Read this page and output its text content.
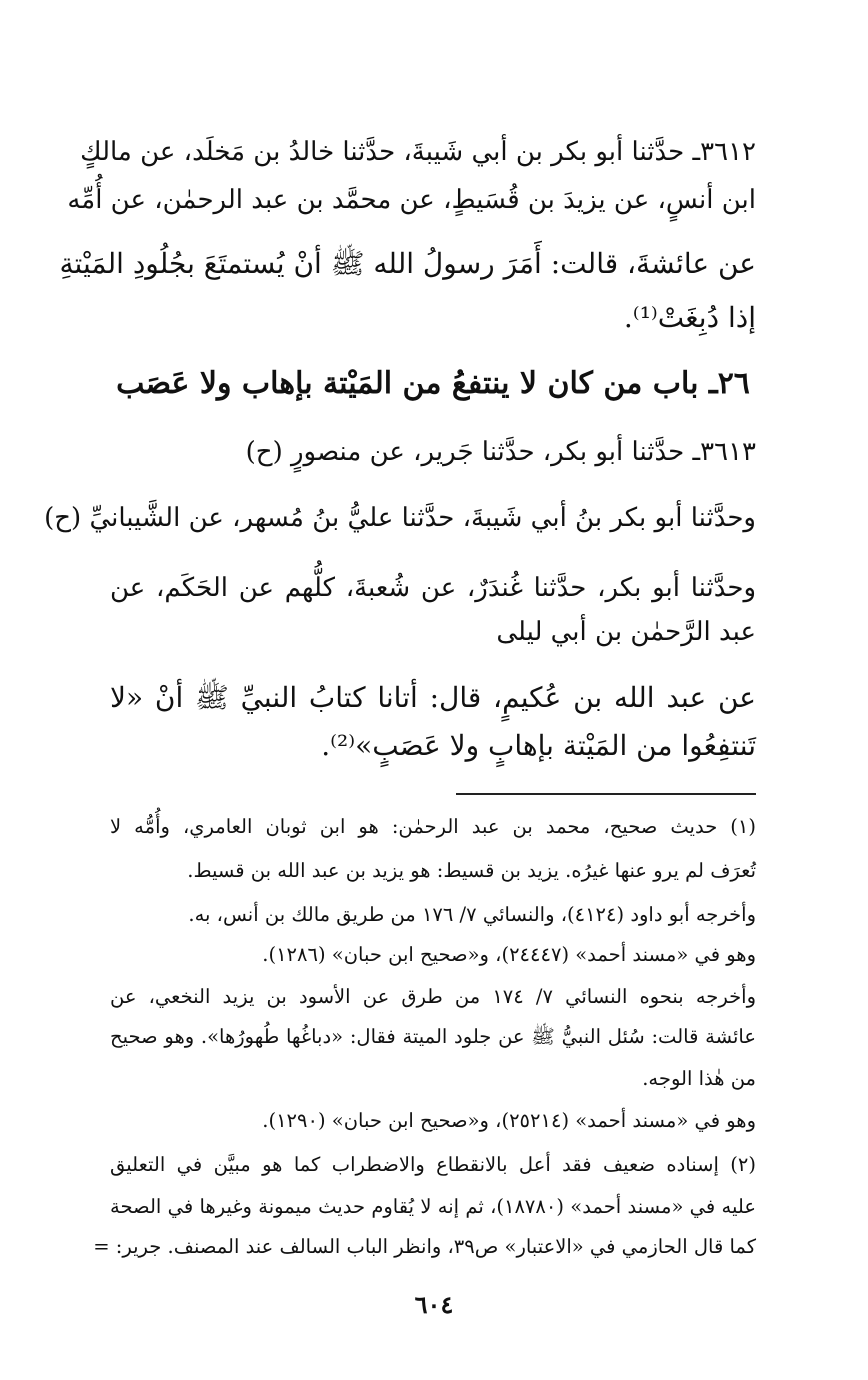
٣٦١٢ـ حدَّثنا أبو بكر بن أبي شَيبةَ، حدَّثنا خالدُ بن مَخلَد، عن مالكٍ
ابن أنسٍ، عن يزيدَ بن قُسَيطٍ، عن محمَّد بن عبد الرحمٰن، عن أُمِّه
عن عائشةَ، قالت: أَمَرَ رسولُ الله ﷺ أنْ يُستمتَعَ بجُلُودِ المَيْتةِ
إذا دُبِغَتْ⁽¹⁾.
٢٦ـ باب من كان لا ينتفعُ من المَيْتة بإهاب ولا عَصَب
٣٦١٣ـ حدَّثنا أبو بكر، حدَّثنا جَرير، عن منصورٍ (ح)
وحدَّثنا أبو بكر بنُ أبي شَيبةَ، حدَّثنا عليُّ بنُ مُسهر، عن الشَّيبانيِّ (ح)
وحدَّثنا أبو بكر، حدَّثنا غُندَرٌ، عن شُعبةَ، كلُّهم عن الحَكَم، عن
عبد الرَّحمٰن بن أبي ليلى
عن عبد الله بن عُكيمٍ، قال: أتانا كتابُ النبيِّ ﷺ أنْ «لا
تَنتفِعُوا من المَيْتة بإهابٍ ولا عَصَبٍ»⁽²⁾.
(١) حديث صحيح، محمد بن عبد الرحمٰن: هو ابن ثوبان العامري، وأُمُّه لا
تُعرَف لم يرو عنها غيرُه. يزيد بن قسيط: هو يزيد بن عبد الله بن قسيط.
وأخرجه أبو داود (٤١٢٤)، والنسائي ٧/ ١٧٦ من طريق مالك بن أنس، به.
وهو في «مسند أحمد» (٢٤٤٤٧)، و«صحيح ابن حبان» (١٢٨٦).
وأخرجه بنحوه النسائي ٧/ ١٧٤ من طرق عن الأسود بن يزيد النخعي، عن
عائشة قالت: سُئل النبيُّ ﷺ عن جلود الميتة فقال: «دباغُها طُهورُها». وهو صحيح
من هٰذا الوجه.
وهو في «مسند أحمد» (٢٥٢١٤)، و«صحيح ابن حبان» (١٢٩٠).
(٢) إسناده ضعيف فقد أعل بالانقطاع والاضطراب كما هو مبيَّن في التعليق
عليه في «مسند أحمد» (١٨٧٨٠)، ثم إنه لا يُقاوم حديث ميمونة وغيرها في الصحة
كما قال الحازمي في «الاعتبار» ص٣٩، وانظر الباب السالف عند المصنف. جرير: =
٦٠٤
